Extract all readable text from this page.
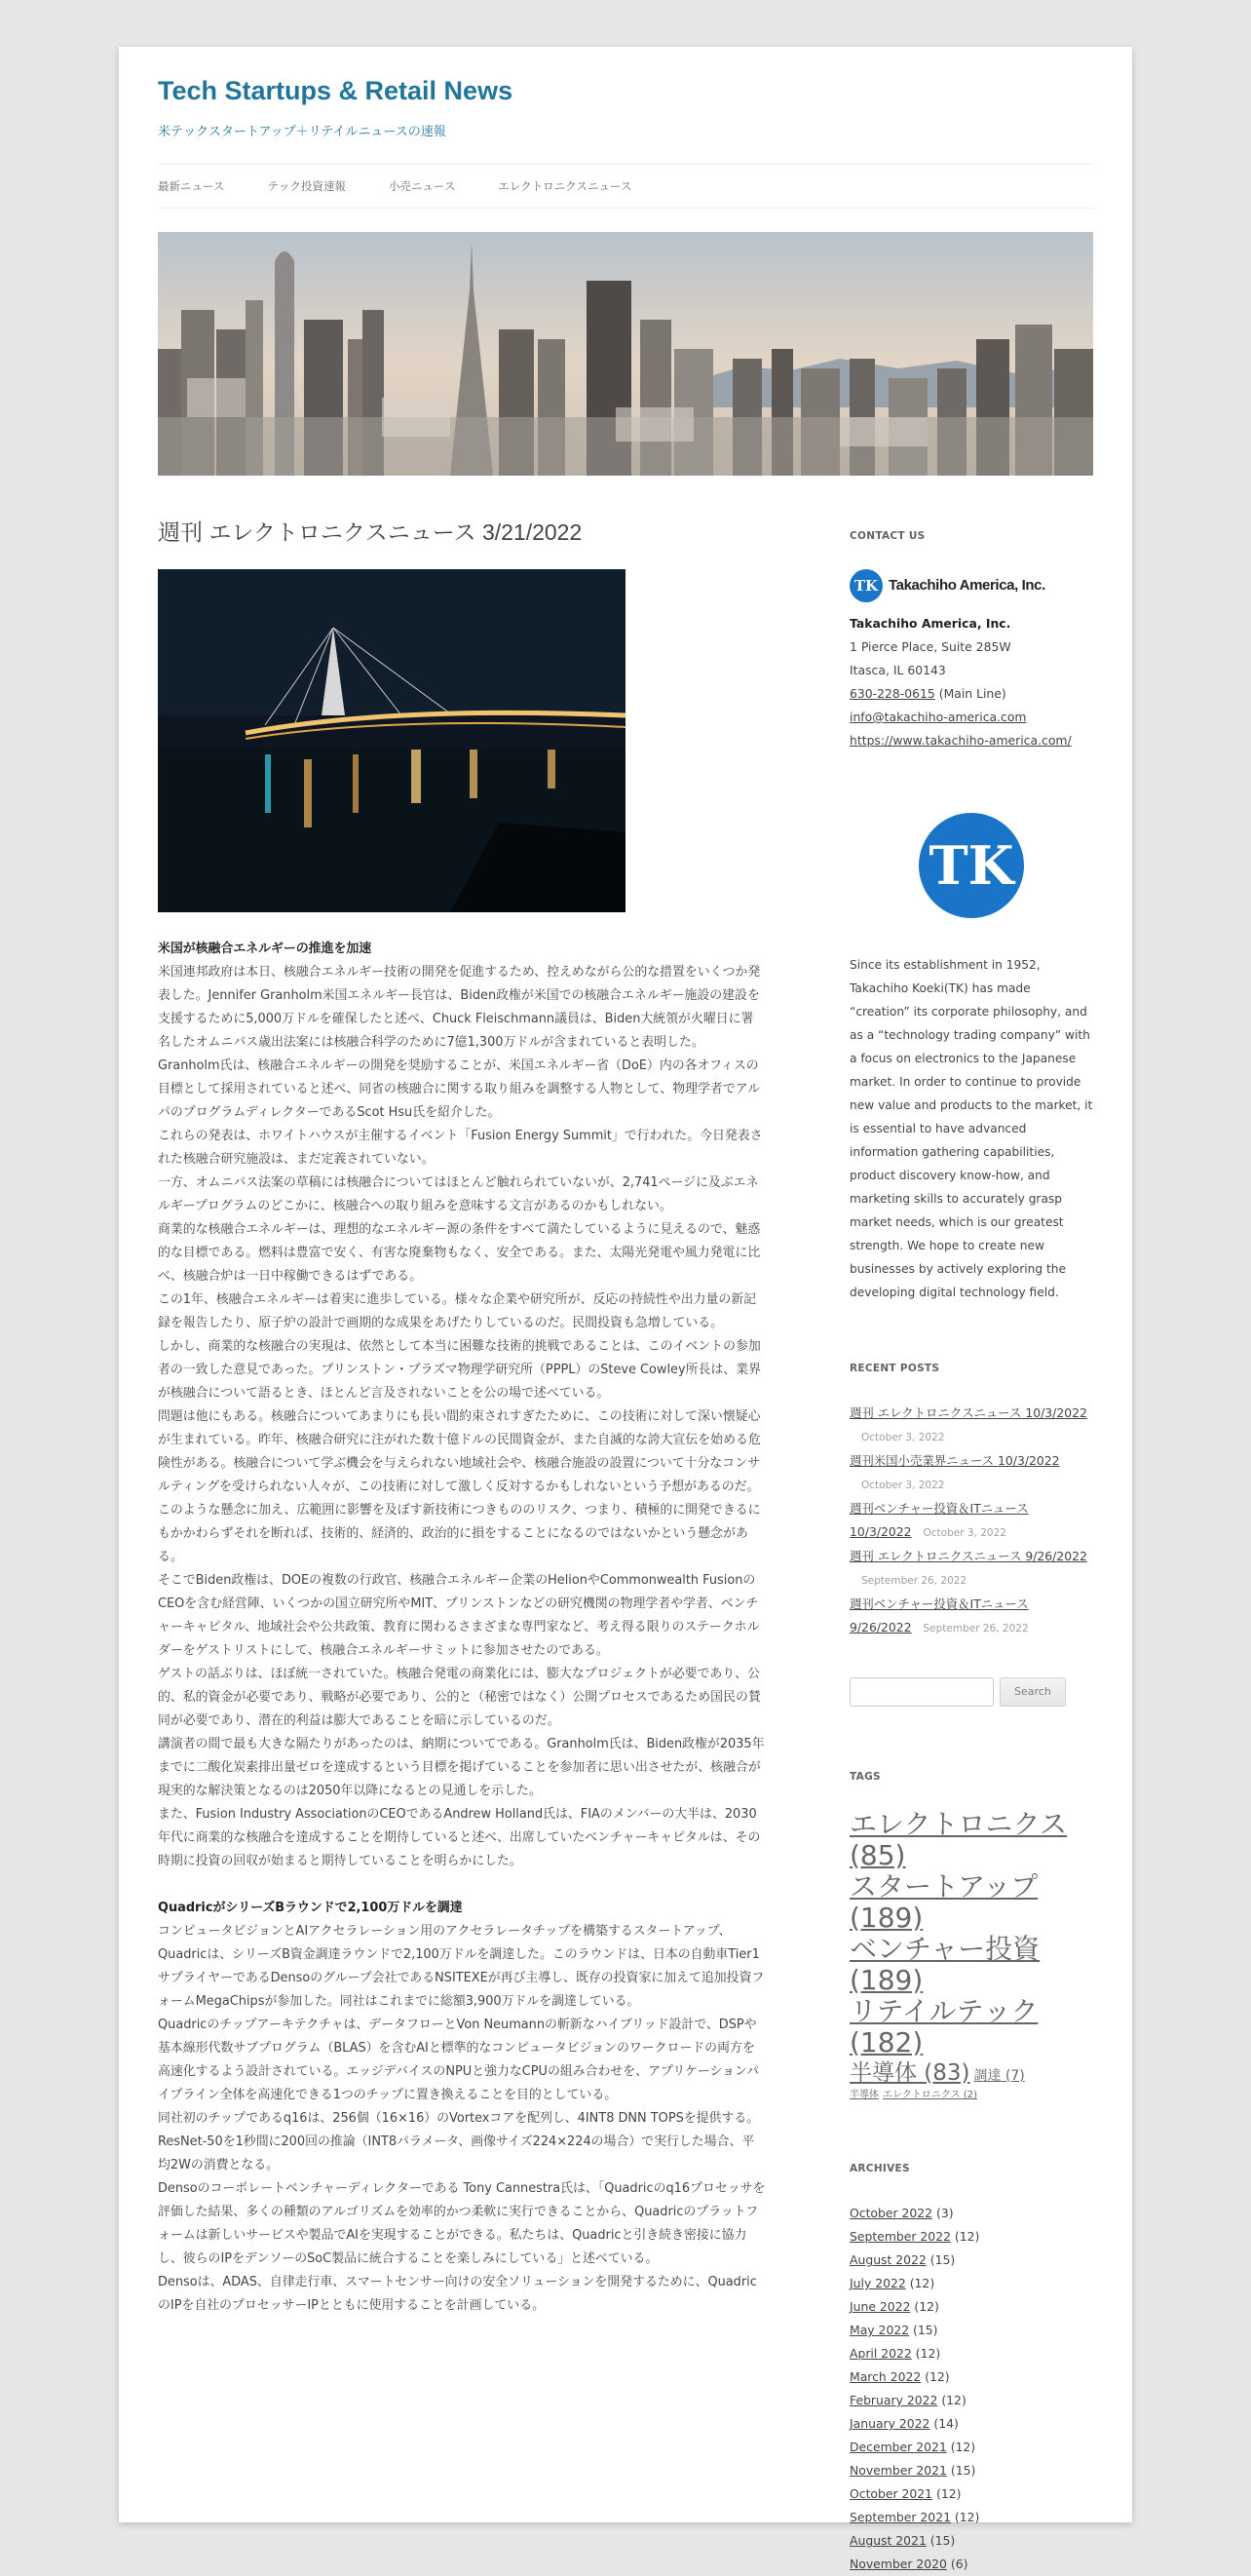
Tech Startups & Retail News
米テックスタートアップ＋リテイルニュースの速報
最新ニュース	テック投資速報	小売ニュース	エレクトロニクスニュース
週刊 エレクトロニクスニュース 3/21/2022
米国が核融合エネルギーの推進を加速

米国連邦政府は本日、核融合エネルギー技術の開発を促進するため、控えめながら公的な措置をいくつか発表した。Jennifer Granholm米国エネルギー長官は、Biden政権が米国での核融合エネルギー施設の建設を支援するために5,000万ドルを確保したと述べ、Chuck Fleischmann議員は、Biden大統領が火曜日に署名したオムニバス歳出法案には核融合科学のために7億1,300万ドルが含まれていると表明した。

Granholm氏は、核融合エネルギーの開発を奨励することが、米国エネルギー省（DoE）内の各オフィスの目標として採用されていると述べ、同省の核融合に関する取り組みを調整する人物として、物理学者でアルパのプログラムディレクターであるScot Hsu氏を紹介した。

これらの発表は、ホワイトハウスが主催するイベント「Fusion Energy Summit」で行われた。今日発表された核融合研究施設は、まだ定義されていない。

一方、オムニバス法案の草稿には核融合についてはほとんど触れられていないが、2,741ページに及ぶエネルギープログラムのどこかに、核融合への取り組みを意味する文言があるのかもしれない。

商業的な核融合エネルギーは、理想的なエネルギー源の条件をすべて満たしているように見えるので、魅惑的な目標である。燃料は豊富で安く、有害な廃棄物もなく、安全である。また、太陽光発電や風力発電に比べ、核融合炉は一日中稼働できるはずである。

この1年、核融合エネルギーは着実に進歩している。様々な企業や研究所が、反応の持続性や出力量の新記録を報告したり、原子炉の設計で画期的な成果をあげたりしているのだ。民間投資も急増している。

しかし、商業的な核融合の実現は、依然として本当に困難な技術的挑戦であることは、このイベントの参加者の一致した意見であった。プリンストン・プラズマ物理学研究所（PPPL）のSteve Cowley所長は、業界が核融合について語るとき、ほとんど言及されないことを公の場で述べている。

問題は他にもある。核融合についてあまりにも長い間約束されすぎたために、この技術に対して深い懐疑心が生まれている。昨年、核融合研究に注がれた数十億ドルの民間資金が、また自滅的な誇大宣伝を始める危険性がある。核融合について学ぶ機会を与えられない地域社会や、核融合施設の設置について十分なコンサルティングを受けられない人々が、この技術に対して激しく反対するかもしれないという予想があるのだ。

このような懸念に加え、広範囲に影響を及ぼす新技術につきもののリスク、つまり、積極的に開発できるにもかかわらずそれを断れば、技術的、経済的、政治的に損をすることになるのではないかという懸念がある。

そこでBiden政権は、DOEの複数の行政官、核融合エネルギー企業のHelionやCommonwealth FusionのCEOを含む経営陣、いくつかの国立研究所やMIT、プリンストンなどの研究機関の物理学者や学者、ベンチャーキャピタル、地域社会や公共政策、教育に関わるさまざまな専門家など、考え得る限りのステークホルダーをゲストリストにして、核融合エネルギーサミットに参加させたのである。

ゲストの話ぶりは、ほぼ統一されていた。核融合発電の商業化には、膨大なプロジェクトが必要であり、公的、私的資金が必要であり、戦略が必要であり、公的と（秘密ではなく）公開プロセスであるため国民の賛同が必要であり、潜在的利益は膨大であることを暗に示しているのだ。

講演者の間で最も大きな隔たりがあったのは、納期についてである。Granholm氏は、Biden政権が2035年までに二酸化炭素排出量ゼロを達成するという目標を掲げていることを参加者に思い出させたが、核融合が現実的な解決策となるのは2050年以降になるとの見通しを示した。

また、Fusion Industry AssociationのCEOであるAndrew Holland氏は、FIAのメンバーの大半は、2030年代に商業的な核融合を達成することを期待していると述べ、出席していたベンチャーキャピタルは、その時期に投資の回収が始まると期待していることを明らかにした。

QuadricがシリーズBラウンドで2,100万ドルを調達

コンピュータビジョンとAIアクセラレーション用のアクセラレータチップを構築するスタートアップ、Quadricは、シリーズB資金調達ラウンドで2,100万ドルを調達した。このラウンドは、日本の自動車Tier1サプライヤーであるDensoのグループ会社であるNSITEXEが再び主導し、既存の投資家に加えて追加投資フォームMegaChipsが参加した。同社はこれまでに総額3,900万ドルを調達している。

Quadricのチップアーキテクチャは、データフローとVon Neumannの斬新なハイブリッド設計で、DSPや基本線形代数サブプログラム（BLAS）を含むAIと標準的なコンピュータビジョンのワークロードの両方を高速化するよう設計されている。エッジデバイスのNPUと強力なCPUの組み合わせを、アプリケーションパイプライン全体を高速化できる1つのチップに置き換えることを目的としている。

同社初のチップであるq16は、256個（16×16）のVortexコアを配列し、4INT8 DNN TOPSを提供する。ResNet-50を1秒間に200回の推論（INT8パラメータ、画像サイズ224×224の場合）で実行した場合、平均2Wの消費となる。

Densoのコーポレートベンチャーディレクターである Tony Cannestra氏は、「Quadricのq16プロセッサを評価した結果、多くの種類のアルゴリズムを効率的かつ柔軟に実行できることから、Quadricのプラットフォームは新しいサービスや製品でAIを実現することができる。私たちは、Quadricと引き続き密接に協力し、彼らのIPをデンソーのSoC製品に統合することを楽しみにしている」と述べている。

Densoは、ADAS、自律走行車、スマートセンサー向けの安全ソリューションを開発するために、QuadricのIPを自社のプロセッサーIPとともに使用することを計画している。

CONTACT US
TK Takachiho America, Inc.
Takachiho America, Inc.
1 Pierce Place, Suite 285W
Itasca, IL 60143
630-228-0615 (Main Line)
info@takachiho-america.com
https://www.takachiho-america.com/
TK

Since its establishment in 1952, Takachiho Koeki(TK) has made “creation” its corporate philosophy, and as a “technology trading company” with a focus on electronics to the Japanese market. In order to continue to provide new value and products to the market, it is essential to have advanced information gathering capabilities, product discovery know-how, and marketing skills to accurately grasp market needs, which is our greatest strength. We hope to create new businesses by actively exploring the developing digital technology field.

RECENT POSTS
週刊 エレクトロニクスニュース 10/3/2022
October 3, 2022
週刊米国小売業界ニュース 10/3/2022
October 3, 2022
週刊ベンチャー投資＆ITニュース 10/3/2022 October 3, 2022
週刊 エレクトロニクスニュース 9/26/2022
September 26, 2022
週刊ベンチャー投資＆ITニュース 9/26/2022 September 26, 2022
Search
TAGS
エレクトロニクス (85)
スタートアップ (189)
ベンチャー投資 (189)
リテイルテック (182)
半導体 (83) 調達 (7)
半導体 エレクトロニクス (2)
ARCHIVES
October 2022 (3)
September 2022 (12)
August 2022 (15)
July 2022 (12)
June 2022 (12)
May 2022 (15)
April 2022 (12)
March 2022 (12)
February 2022 (12)
January 2022 (14)
December 2021 (12)
November 2021 (15)
October 2021 (12)
September 2021 (12)
August 2021 (15)
November 2020 (6)
